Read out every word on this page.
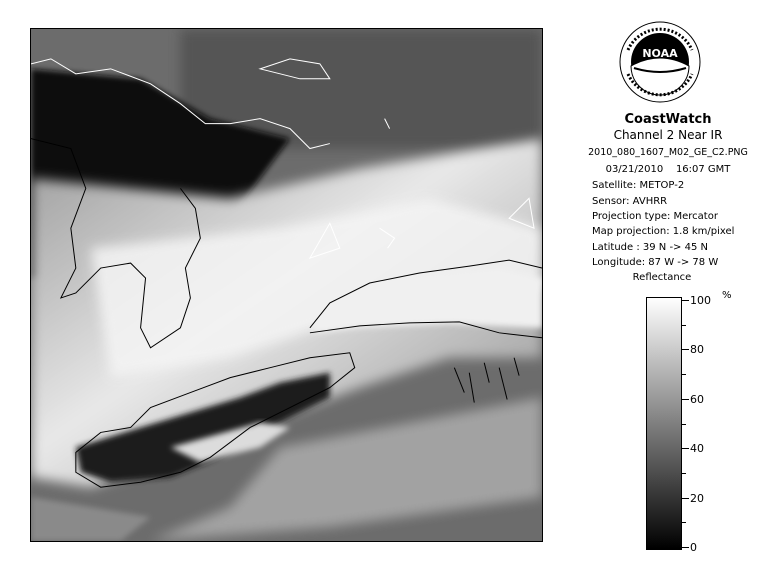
NOAA
CoastWatch
Channel 2 Near IR
2010_080_1607_M02_GE_C2.PNG
03/21/2010 16:07 GMT
Satellite: METOP-2
Sensor: AVHRR
Projection type: Mercator
Map projection: 1.8 km/pixel
Latitude : 39 N -> 45 N
Longitude: 87 W -> 78 W
Reflectance
%
100
80
60
40
20
0
